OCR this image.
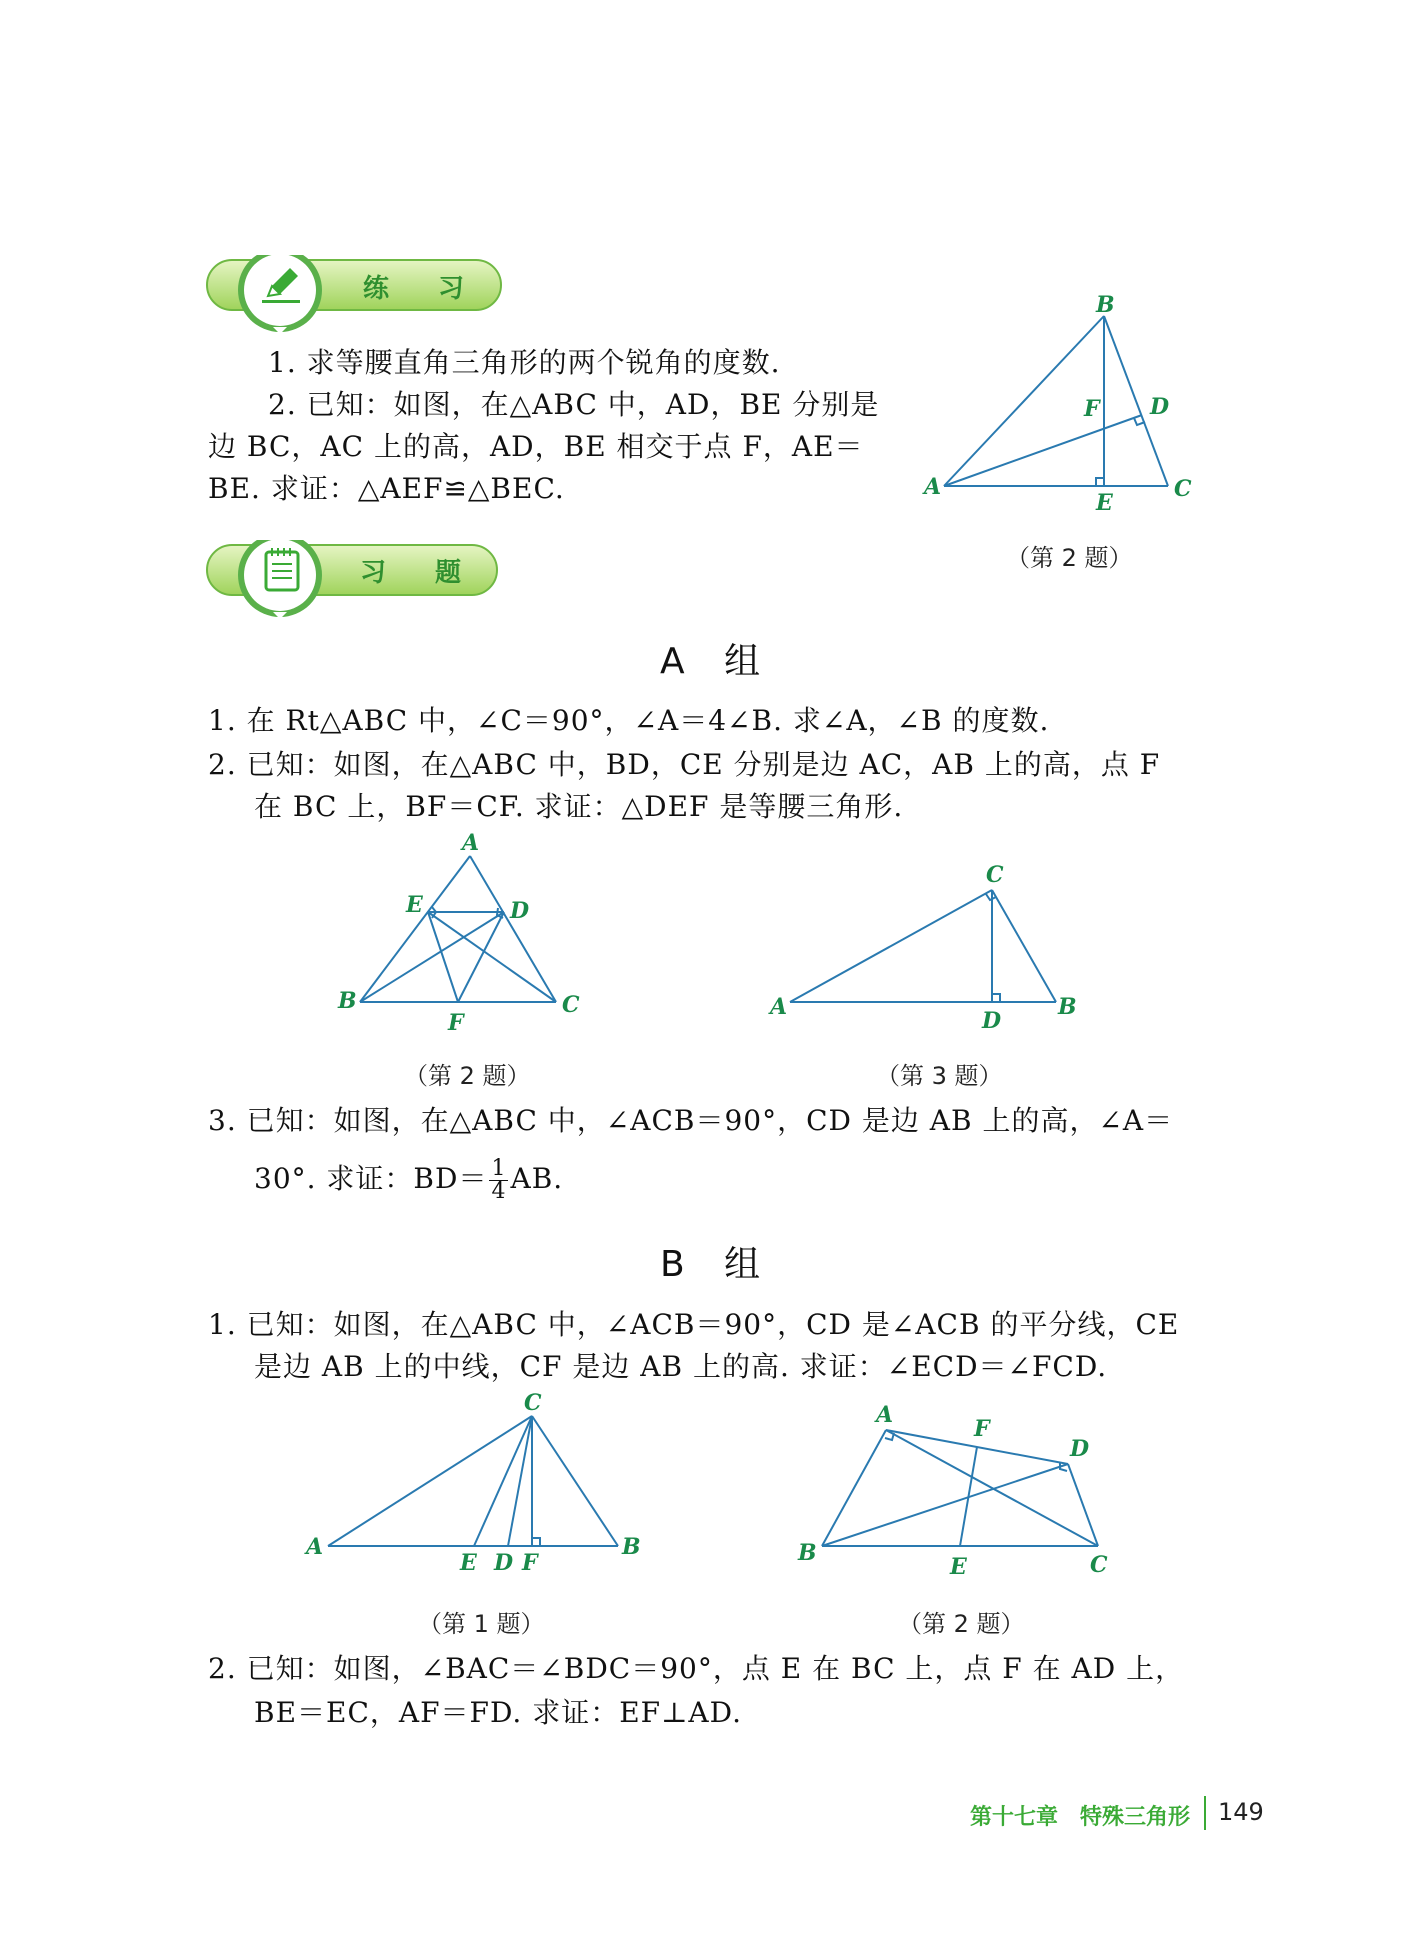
练 习
1. 求等腰直角三角形的两个锐角的度数.
2. 已知：如图，在△ABC 中，AD，BE 分别是
边 BC，AC 上的高，AD，BE 相交于点 F，AE＝
BE. 求证：△AEF≌△BEC.
B
D
F
A	C
E
（第 2 题）
习 题
A 组
1. 在 Rt△ABC 中，∠C＝90°，∠A＝4∠B. 求∠A，∠B 的度数.
2. 已知：如图，在△ABC 中，BD，CE 分别是边 AC，AB 上的高，点 F
在 BC 上，BF＝CF. 求证：△DEF 是等腰三角形.
A
E	D
B	C
F
（第 2 题）
C
A	B
D
（第 3 题）
3. 已知：如图，在△ABC 中，∠ACB＝90°，CD 是边 AB 上的高，∠A＝
30°. 求证：$BD= \frac{1}{4}$ AB.
B 组
1. 已知：如图，在△ABC 中，∠ACB＝90°，CD 是∠ACB 的平分线，CE
是边 AB 上的中线，CF 是边 AB 上的高. 求证：∠ECD＝∠FCD.
C
A	B
E D F
（第 1 题）
A
F
D
B
E	C
（第 2 题）
2. 已知：如图，∠BAC＝∠BDC＝90°，点 E 在 BC 上，点 F 在 AD 上，
BE＝EC，AF＝FD. 求证：EF⊥AD.
第十七章　特殊三角形 149
